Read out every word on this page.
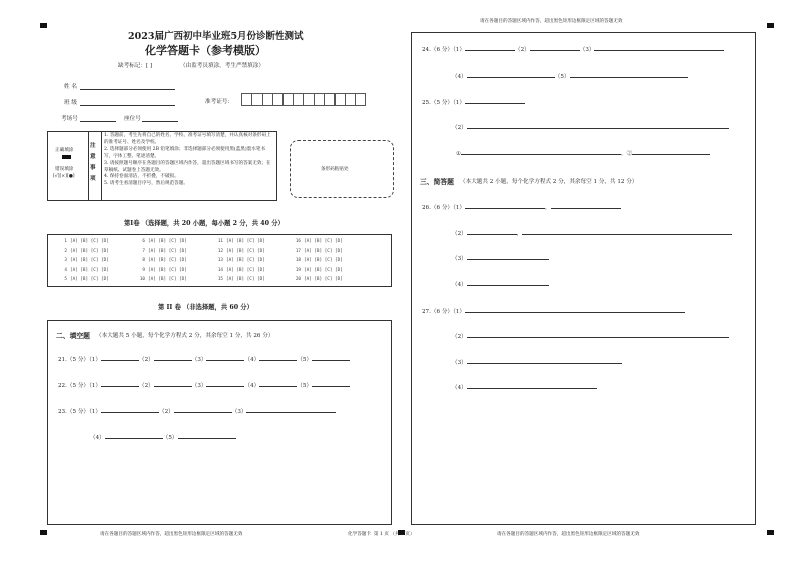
2023届广西初中毕业班5月份诊断性测试
化学答题卡（参考模版）
缺考标记：[ ]	（由监考员填涂，考生严禁填涂）
姓 名
班 级	准考证号：
考场号	座位号
正确填涂
错误填涂
[√][×][●]
注意事项
1. 答题前，考生先将自己的姓名、学校、准考证号填写清楚，并认真核对条形码上的准考证号、姓名及学校。
2. 选择题部分必须使用 2B 铅笔填涂；非选择题部分必须使用黑(蓝黑)墨水笔书写，字体工整、笔迹清楚。
3. 请按照题号顺序在各题目的答题区域内作答，超出答题区域书写的答案无效；在草稿纸、试题卷上答题无效。
4. 保持卷面清洁，不折叠，不破损。
5. 请考生看清题目序号，然后规范答题。
条形码粘贴处
第Ⅰ卷 （选择题，共 20 小题，每小题 2 分，共 40 分）
1 [A] [B] [C] [D]
2 [A] [B] [C] [D]
3 [A] [B] [C] [D]
4 [A] [B] [C] [D]
5 [A] [B] [C] [D]
6 [A] [B] [C] [D]
7 [A] [B] [C] [D]
8 [A] [B] [C] [D]
9 [A] [B] [C] [D]
10 [A] [B] [C] [D]
11 [A] [B] [C] [D]
12 [A] [B] [C] [D]
13 [A] [B] [C] [D]
14 [A] [B] [C] [D]
15 [A] [B] [C] [D]
16 [A] [B] [C] [D]
17 [A] [B] [C] [D]
18 [A] [B] [C] [D]
19 [A] [B] [C] [D]
20 [A] [B] [C] [D]
第 II 卷 （非选择题，共 60 分）
二、填空题 （本大题共 5 小题，每个化学方程式 2 分，其余每空 1 分，共 26 分）
21.（5 分）（1）	（2）	（3）	（4）	（5）
22.（5 分）（1）	（2）	（3）	（4）	（5）
23.（5 分）（1）	（2）	（3）
（4）	（5）
24.（6 分）（1）	（2）	（3）
（4）	（5）
25.（5 分）（1）
（2）
①	，②
三、简答题 （本大题共 2 小题，每个化学方程式 2 分，其余每空 1 分，共 12 分）
26.（6 分）（1）	，
（2）	，
（3）
（4）
27.（6 分）（1）
（2）
（3）
（4）
请在各题目的答题区域内作答，超出黑色矩形边框限定区域的答题无效
请在各题目的答题区域内作答，超出黑色矩形边框限定区域的答题无效	化学答题卡 第 1 页 （共 2 页）	请在各题目的答题区域内作答，超出黑色矩形边框限定区域的答题无效
